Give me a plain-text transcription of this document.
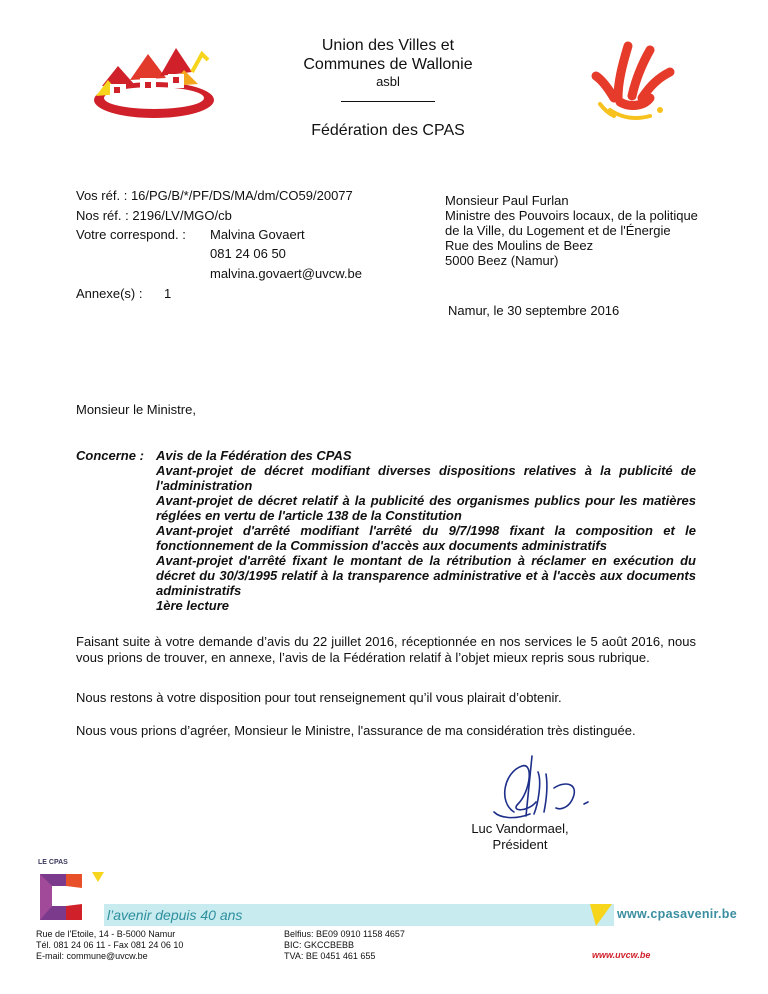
Union des Villes et
Communes de Wallonie
asbl
Fédération des CPAS
Vos réf. : 16/PG/B/*/PF/DS/MA/dm/CO59/20077
Nos réf. : 2196/LV/MGO/cb
Votre correspond. : Malvina Govaert
081 24 06 50
malvina.govaert@uvcw.be
Annexe(s) : 1
Monsieur Paul Furlan
Ministre des Pouvoirs locaux, de la politique
de la Ville, du Logement et de l'Énergie
Rue des Moulins de Beez
5000 Beez (Namur)
Namur, le 30 septembre 2016
Monsieur le Ministre,
Concerne : Avis de la Fédération des CPAS
Avant-projet de décret modifiant diverses dispositions relatives à la publicité de l'administration
Avant-projet de décret relatif à la publicité des organismes publics pour les matières réglées en vertu de l'article 138 de la Constitution
Avant-projet d'arrêté modifiant l'arrêté du 9/7/1998 fixant la composition et le fonctionnement de la Commission d'accès aux documents administratifs
Avant-projet d'arrêté fixant le montant de la rétribution à réclamer en exécution du décret du 30/3/1995 relatif à la transparence administrative et à l'accès aux documents administratifs
1ère lecture
Faisant suite à votre demande d’avis du 22 juillet 2016, réceptionnée en nos services le 5 août 2016, nous vous prions de trouver, en annexe, l’avis de la Fédération relatif à l’objet mieux repris sous rubrique.
Nous restons à votre disposition pour tout renseignement qu’il vous plairait d’obtenir.
Nous vous prions d’agréer, Monsieur le Ministre, l'assurance de ma considération très distinguée.
Luc Vandormael,
Président
LE CPAS
l’avenir depuis 40 ans	www.cpasavenir.be
Rue de l'Etoile, 14 - B-5000 Namur
Tél. 081 24 06 11 - Fax 081 24 06 10
E-mail: commune@uvcw.be
Belfius: BE09 0910 1158 4657
BIC: GKCCBEBB
TVA: BE 0451 461 655	www.uvcw.be
